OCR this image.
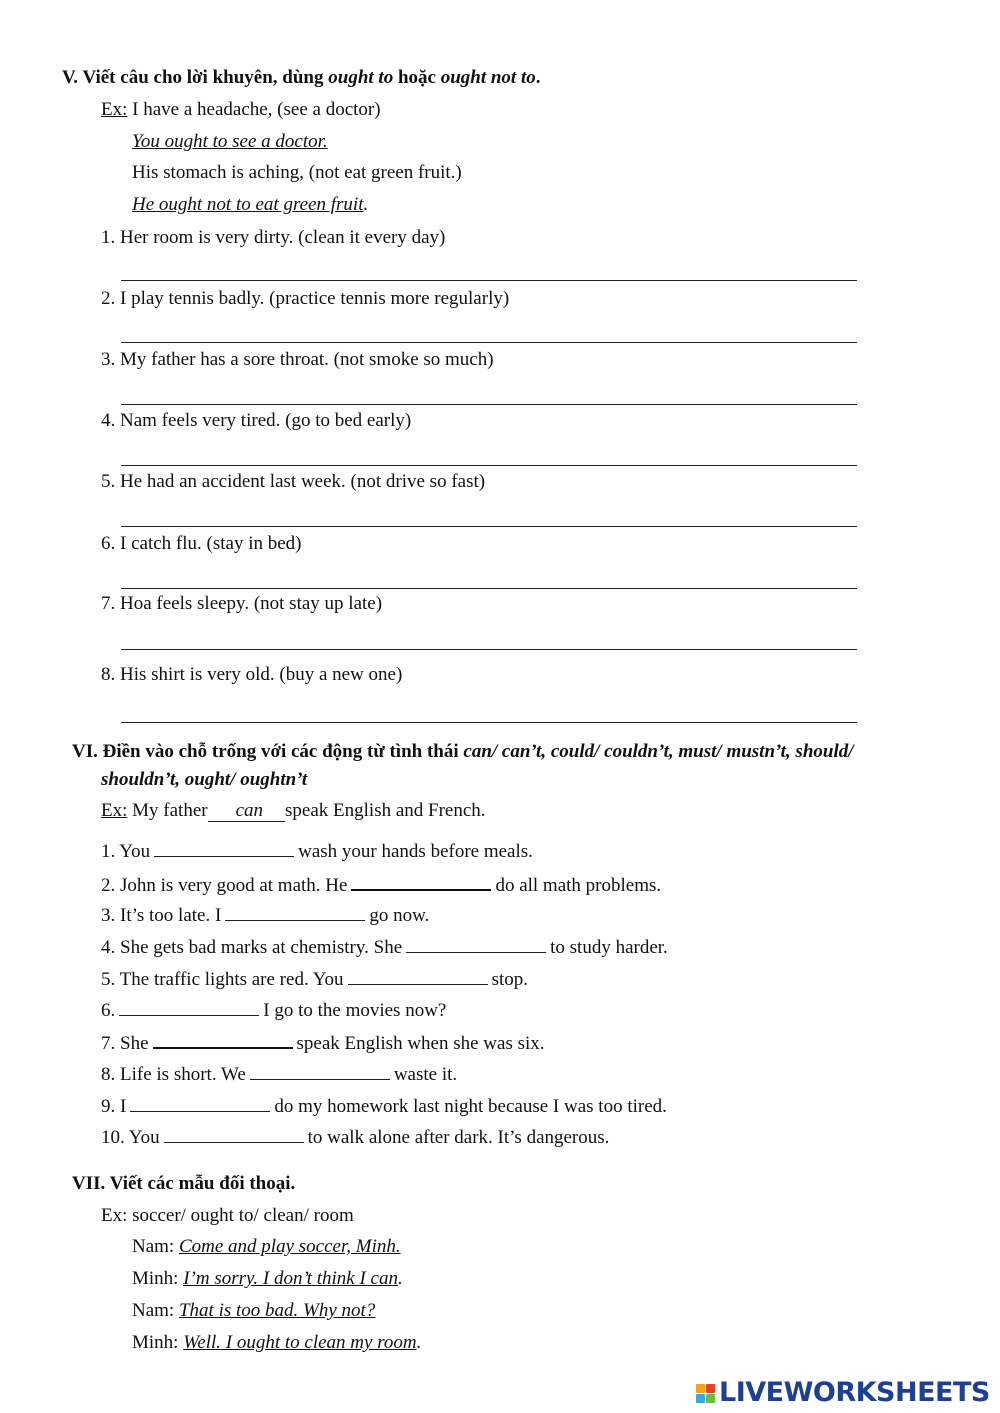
V. Viết câu cho lời khuyên, dùng ought to hoặc ought not to.
Ex: I have a headache, (see a doctor)
You ought to see a doctor.
His stomach is aching, (not eat green fruit.)
He ought not to eat green fruit.
1. Her room is very dirty. (clean it every day)
2. I play tennis badly. (practice tennis more regularly)
3. My father has a sore throat. (not smoke so much)
4. Nam feels very tired. (go to bed early)
5. He had an accident last week. (not drive so fast)
6. I catch flu. (stay in bed)
7. Hoa feels sleepy. (not stay up late)
8. His shirt is very old. (buy a new one)
VI. Điền vào chỗ trống với các động từ tình thái can/ can’t, could/ couldn’t, must/ mustn’t, should/
shouldn’t, ought/ oughtn’t
Ex: My father can speak English and French.
1. You	wash your hands before meals.
2. John is very good at math. He	do all math problems.
3. It’s too late. I	go now.
4. She gets bad marks at chemistry. She	to study harder.
5. The traffic lights are red. You	stop.
6.	I go to the movies now?
7. She	speak English when she was six.
8. Life is short. We	waste it.
9. I	do my homework last night because I was too tired.
10. You	to walk alone after dark. It’s dangerous.
VII. Viết các mẫu đối thoại.
Ex: soccer/ ought to/ clean/ room
Nam: Come and play soccer, Minh.
Minh: I’m sorry. I don’t think I can.
Nam: That is too bad. Why not?
Minh: Well. I ought to clean my room.
LIVEWORKSHEETS
